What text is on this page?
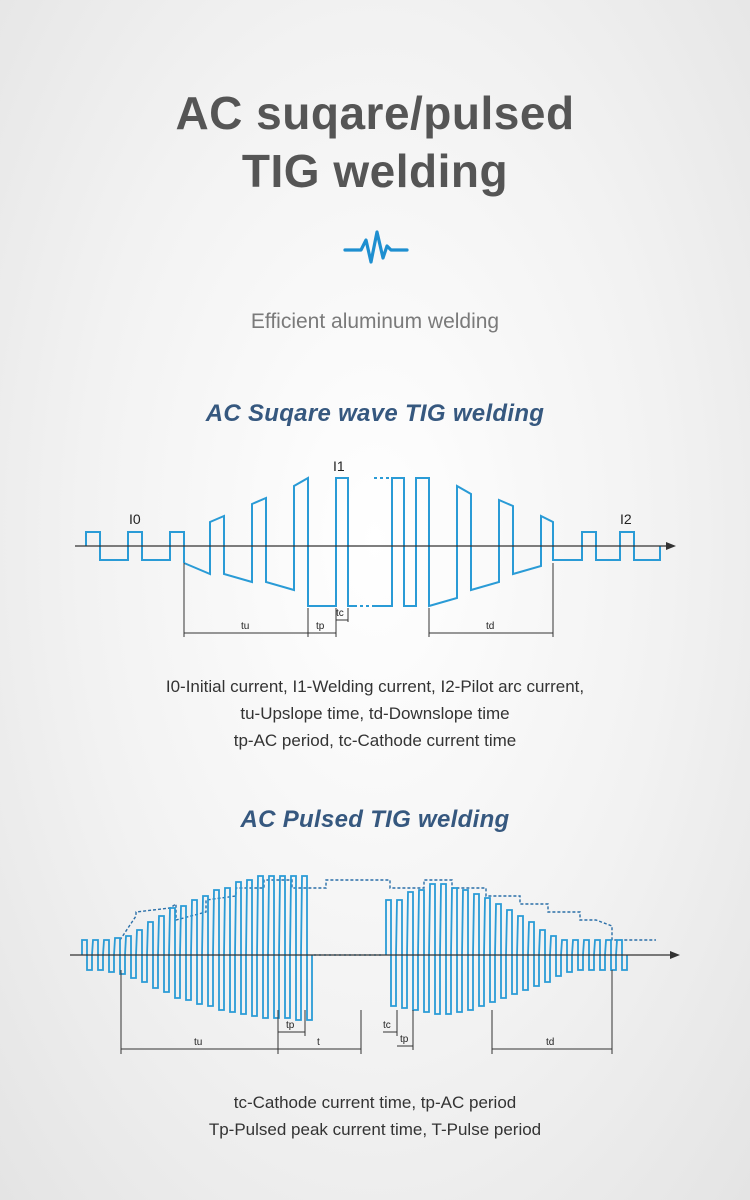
AC suqare/pulsed
TIG welding
Efficient aluminum welding
AC Suqare wave TIG welding
I0
I1
I2
tu	tp
tc
td
I0-Initial current, I1-Welding current, I2-Pilot arc current,
tu-Upslope time, td-Downslope time
tp-AC period, tc-Cathode current time
AC Pulsed TIG welding
tu
tp
t
tc
tp	td
tc-Cathode current time, tp-AC period
Tp-Pulsed peak current time, T-Pulse period
